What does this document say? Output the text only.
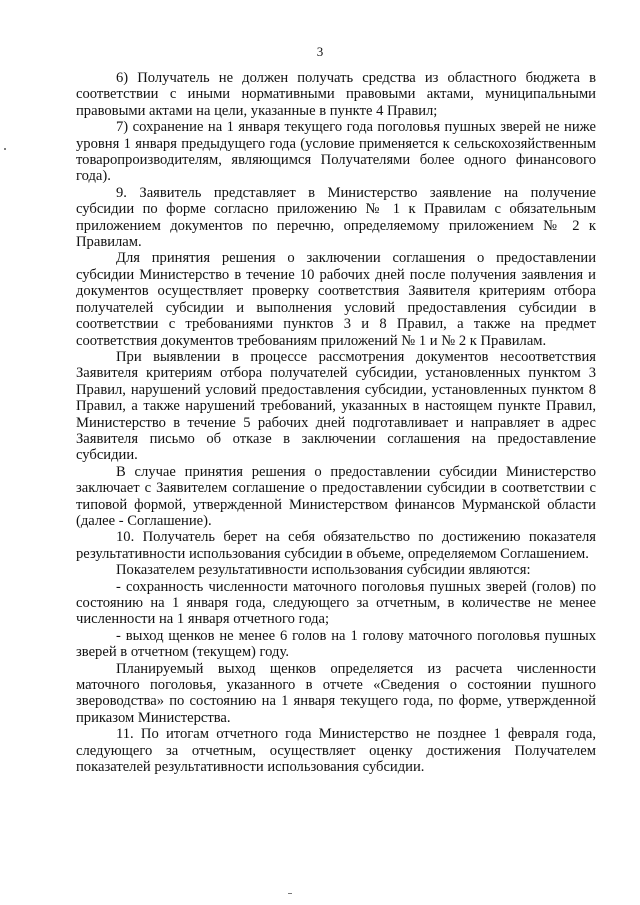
3

6) Получатель не должен получать средства из областного бюджета в соответствии с иными нормативными правовыми актами, муниципальными правовыми актами на цели, указанные в пункте 4 Правил;

7) сохранение на 1 января текущего года поголовья пушных зверей не ниже уровня 1 января предыдущего года (условие применяется к сельскохозяйственным товаропроизводителям, являющимся Получателями более одного финансового года).

9. Заявитель представляет в Министерство заявление на получение субсидии по форме согласно приложению № 1 к Правилам с обязательным приложением документов по перечню, определяемому приложением № 2 к Правилам.

Для принятия решения о заключении соглашения о предоставлении субсидии Министерство в течение 10 рабочих дней после получения заявления и документов осуществляет проверку соответствия Заявителя критериям отбора получателей субсидии и выполнения условий предоставления субсидии в соответствии с требованиями пунктов 3 и 8 Правил, а также на предмет соответствия документов требованиям приложений № 1 и № 2 к Правилам.

При выявлении в процессе рассмотрения документов несоответствия Заявителя критериям отбора получателей субсидии, установленных пунктом 3 Правил, нарушений условий предоставления субсидии, установленных пунктом 8 Правил, а также нарушений требований, указанных в настоящем пункте Правил, Министерство в течение 5 рабочих дней подготавливает и направляет в адрес Заявителя письмо об отказе в заключении соглашения на предоставление субсидии.

В случае принятия решения о предоставлении субсидии Министерство заключает с Заявителем соглашение о предоставлении субсидии в соответствии с типовой формой, утвержденной Министерством финансов Мурманской области (далее - Соглашение).

10. Получатель берет на себя обязательство по достижению показателя результативности использования субсидии в объеме, определяемом Соглашением.

Показателем результативности использования субсидии являются:

- сохранность численности маточного поголовья пушных зверей (голов) по состоянию на 1 января года, следующего за отчетным, в количестве не менее численности на 1 января отчетного года;

- выход щенков не менее 6 голов на 1 голову маточного поголовья пушных зверей в отчетном (текущем) году.

Планируемый выход щенков определяется из расчета численности маточного поголовья, указанного в отчете «Сведения о состоянии пушного звероводства» по состоянию на 1 января текущего года, по форме, утвержденной приказом Министерства.

11. По итогам отчетного года Министерство не позднее 1 февраля года, следующего за отчетным, осуществляет оценку достижения Получателем показателей результативности использования субсидии.
